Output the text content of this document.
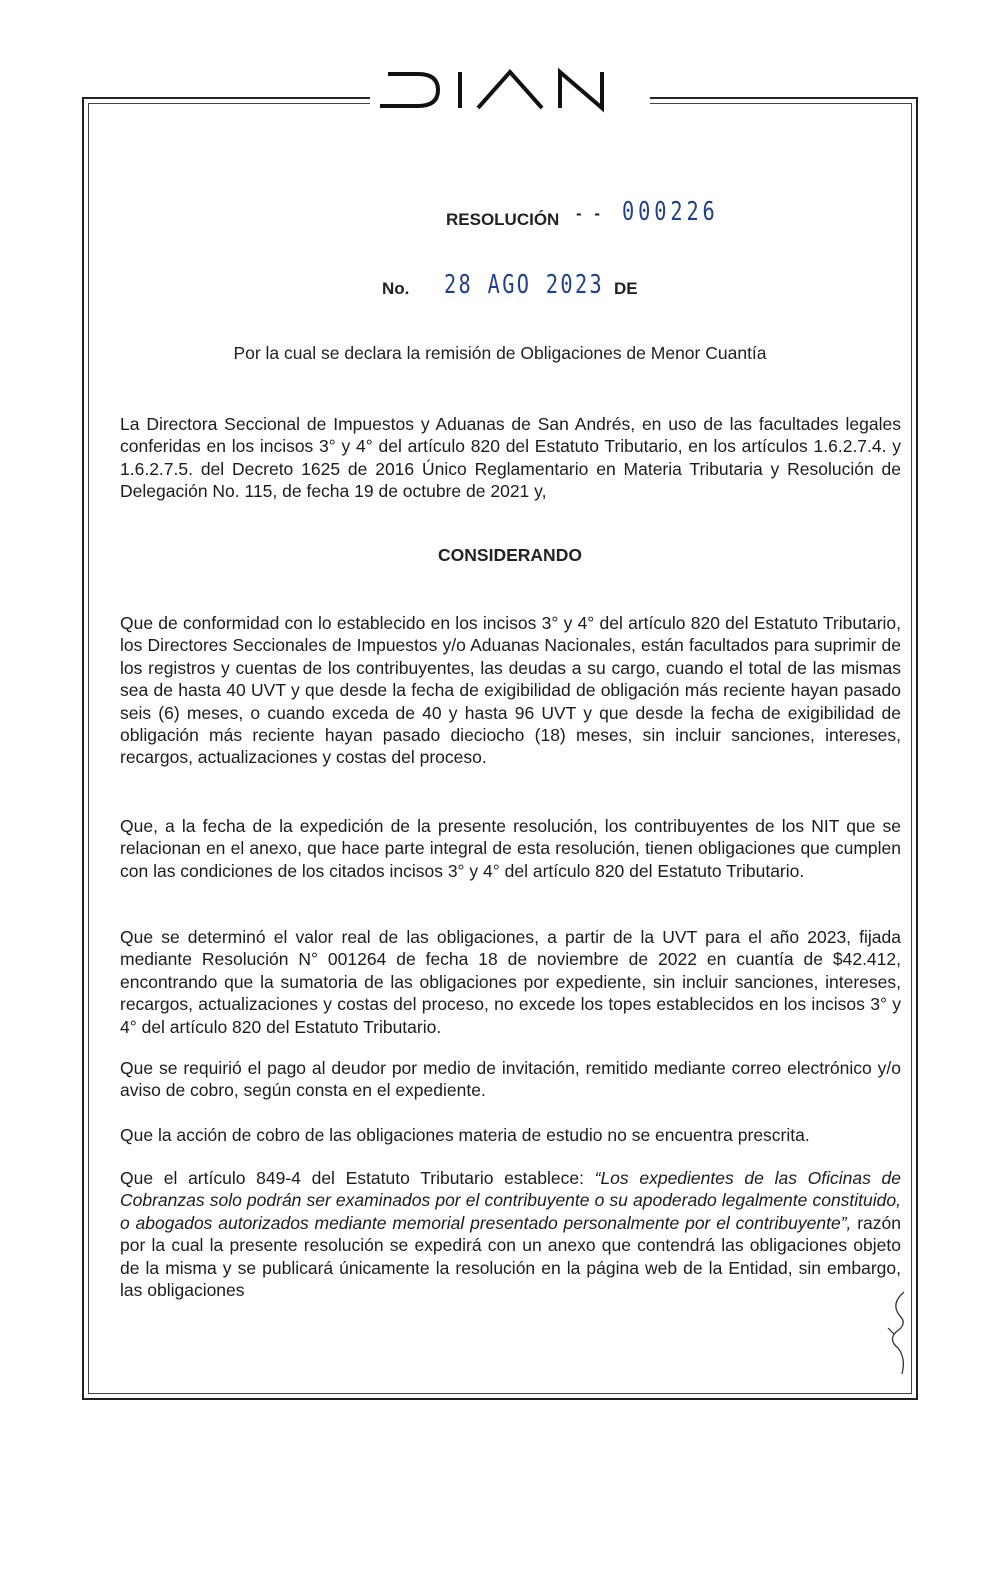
RESOLUCIÓN - - 000226
No. 28 AGO 2023 DE
Por la cual se declara la remisión de Obligaciones de Menor Cuantía
La Directora Seccional de Impuestos y Aduanas de San Andrés, en uso de las facultades legales conferidas en los incisos 3° y 4° del artículo 820 del Estatuto Tributario, en los artículos 1.6.2.7.4. y 1.6.2.7.5. del Decreto 1625 de 2016 Único Reglamentario en Materia Tributaria y Resolución de Delegación No. 115, de fecha 19 de octubre de 2021 y,
CONSIDERANDO
Que de conformidad con lo establecido en los incisos 3° y 4° del artículo 820 del Estatuto Tributario, los Directores Seccionales de Impuestos y/o Aduanas Nacionales, están facultados para suprimir de los registros y cuentas de los contribuyentes, las deudas a su cargo, cuando el total de las mismas sea de hasta 40 UVT y que desde la fecha de exigibilidad de obligación más reciente hayan pasado seis (6) meses, o cuando exceda de 40 y hasta 96 UVT y que desde la fecha de exigibilidad de obligación más reciente hayan pasado dieciocho (18) meses, sin incluir sanciones, intereses, recargos, actualizaciones y costas del proceso.
Que, a la fecha de la expedición de la presente resolución, los contribuyentes de los NIT que se relacionan en el anexo, que hace parte integral de esta resolución, tienen obligaciones que cumplen con las condiciones de los citados incisos 3° y 4° del artículo 820 del Estatuto Tributario.
Que se determinó el valor real de las obligaciones, a partir de la UVT para el año 2023, fijada mediante Resolución N° 001264 de fecha 18 de noviembre de 2022 en cuantía de $42.412, encontrando que la sumatoria de las obligaciones por expediente, sin incluir sanciones, intereses, recargos, actualizaciones y costas del proceso, no excede los topes establecidos en los incisos 3° y 4° del artículo 820 del Estatuto Tributario.
Que se requirió el pago al deudor por medio de invitación, remitido mediante correo electrónico y/o aviso de cobro, según consta en el expediente.
Que la acción de cobro de las obligaciones materia de estudio no se encuentra prescrita.
Que el artículo 849-4 del Estatuto Tributario establece: “Los expedientes de las Oficinas de Cobranzas solo podrán ser examinados por el contribuyente o su apoderado legalmente constituido, o abogados autorizados mediante memorial presentado personalmente por el contribuyente”, razón por la cual la presente resolución se expedirá con un anexo que contendrá las obligaciones objeto de la misma y se publicará únicamente la resolución en la página web de la Entidad, sin embargo, las obligaciones
